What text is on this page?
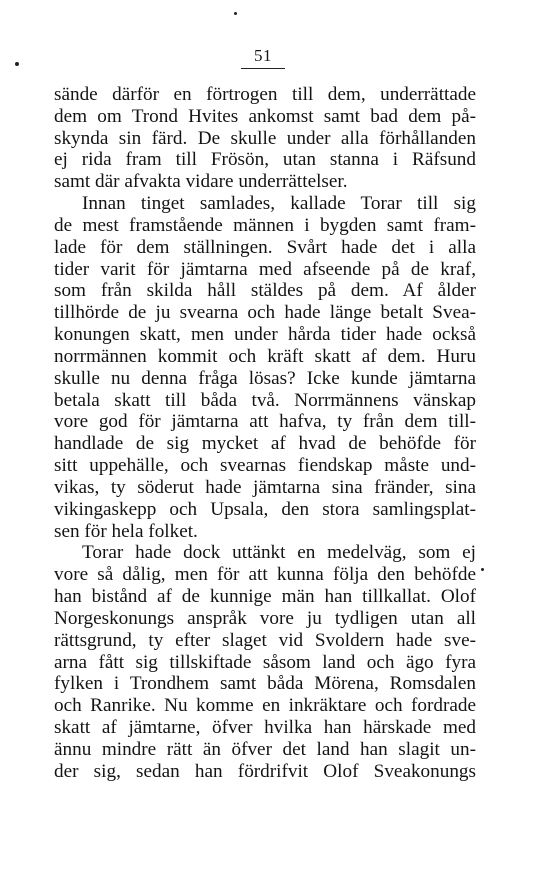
51
sände därför en förtrogen till dem, underrättade
dem om Trond Hvites ankomst samt bad dem på-
skynda sin färd. De skulle under alla förhållanden
ej rida fram till Frösön, utan stanna i Räfsund
samt där afvakta vidare underrättelser.
Innan tinget samlades, kallade Torar till sig
de mest framstående männen i bygden samt fram-
lade för dem ställningen. Svårt hade det i alla
tider varit för jämtarna med afseende på de kraf,
som från skilda håll stäldes på dem. Af ålder
tillhörde de ju svearna och hade länge betalt Svea-
konungen skatt, men under hårda tider hade också
norrmännen kommit och kräft skatt af dem. Huru
skulle nu denna fråga lösas? Icke kunde jämtarna
betala skatt till båda två. Norrmännens vänskap
vore god för jämtarna att hafva, ty från dem till-
handlade de sig mycket af hvad de behöfde för
sitt uppehälle, och svearnas fiendskap måste und-
vikas, ty söderut hade jämtarna sina fränder, sina
vikingaskepp och Upsala, den stora samlingsplat-
sen för hela folket.
Torar hade dock uttänkt en medelväg, som ej
vore så dålig, men för att kunna följa den behöfde
han bistånd af de kunnige män han tillkallat. Olof
Norgeskonungs anspråk vore ju tydligen utan all
rättsgrund, ty efter slaget vid Svoldern hade sve-
arna fått sig tillskiftade såsom land och ägo fyra
fylken i Trondhem samt båda Mörena, Romsdalen
och Ranrike. Nu komme en inkräktare och fordrade
skatt af jämtarne, öfver hvilka han härskade med
ännu mindre rätt än öfver det land han slagit un-
der sig, sedan han fördrifvit Olof Sveakonungs
